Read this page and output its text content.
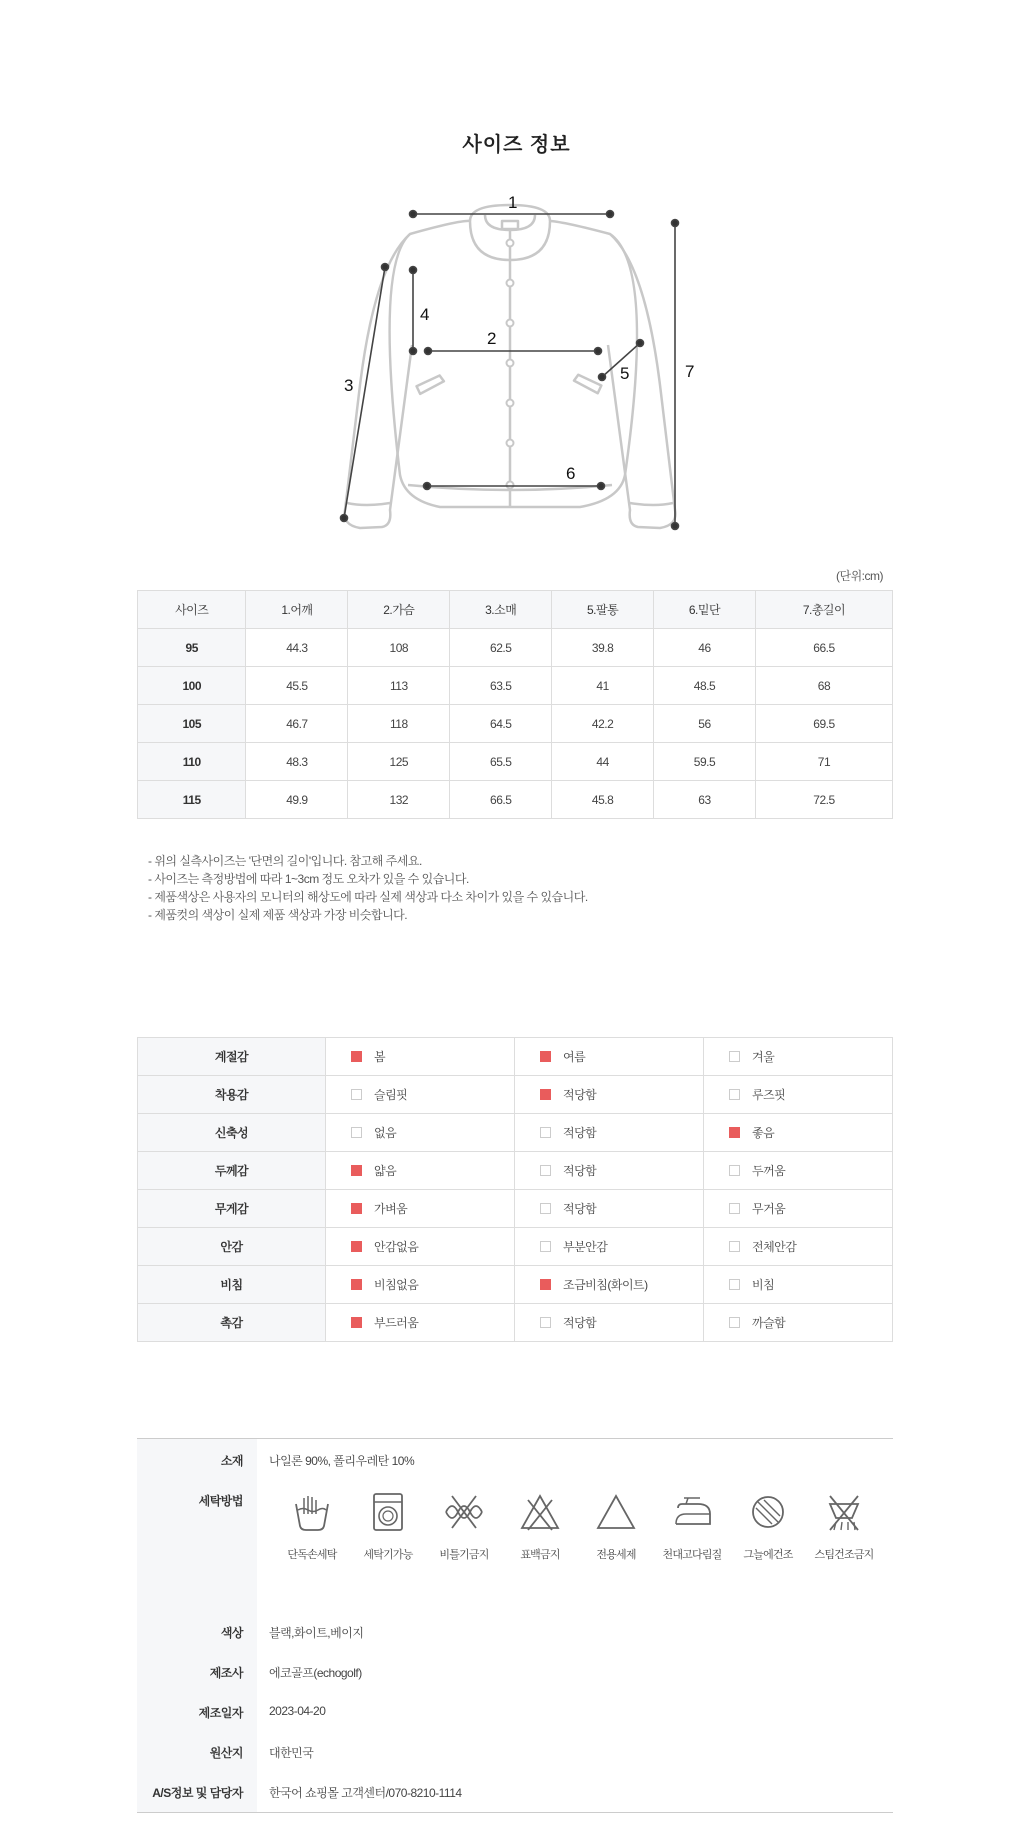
사이즈 정보
1
2
3
4
5
6
7
(단위:cm)
사이즈	1.어깨	2.가슴	3.소매	5.팔통	6.밑단	7.총길이
95	44.3	108	62.5	39.8	46	66.5
100	45.5	113	63.5	41	48.5	68
105	46.7	118	64.5	42.2	56	69.5
110	48.3	125	65.5	44	59.5	71
115	49.9	132	66.5	45.8	63	72.5
- 위의 실측사이즈는 '단면의 길이'입니다. 참고해 주세요.
- 사이즈는 측정방법에 따라 1~3cm 정도 오차가 있을 수 있습니다.
- 제품색상은 사용자의 모니터의 해상도에 따라 실제 색상과 다소 차이가 있을 수 있습니다.
- 제품컷의 색상이 실제 제품 색상과 가장 비슷합니다.
계절감	봄	여름	겨울
착용감	슬림핏	적당함	루즈핏
신축성	없음	적당함	좋음
두께감	얇음	적당함	두꺼움
무게감	가벼움	적당함	무거움
안감	안감없음	부분안감	전체안감
비침	비침없음	조금비침(화이트)	비침
촉감	부드러움	적당함	까슬함
소재	나일론 90%, 폴리우레탄 10%
세탁방법
단독손세탁	세탁기가능	비틀기금지	표백금지	전용세제	천대고다림질	그늘에건조	스팀건조금지
색상	블랙,화이트,베이지
제조사	에코골프(echogolf)
제조일자	2023-04-20
원산지	대한민국
A/S정보 및 담당자	한국어 쇼핑몰 고객센터/070-8210-1114
